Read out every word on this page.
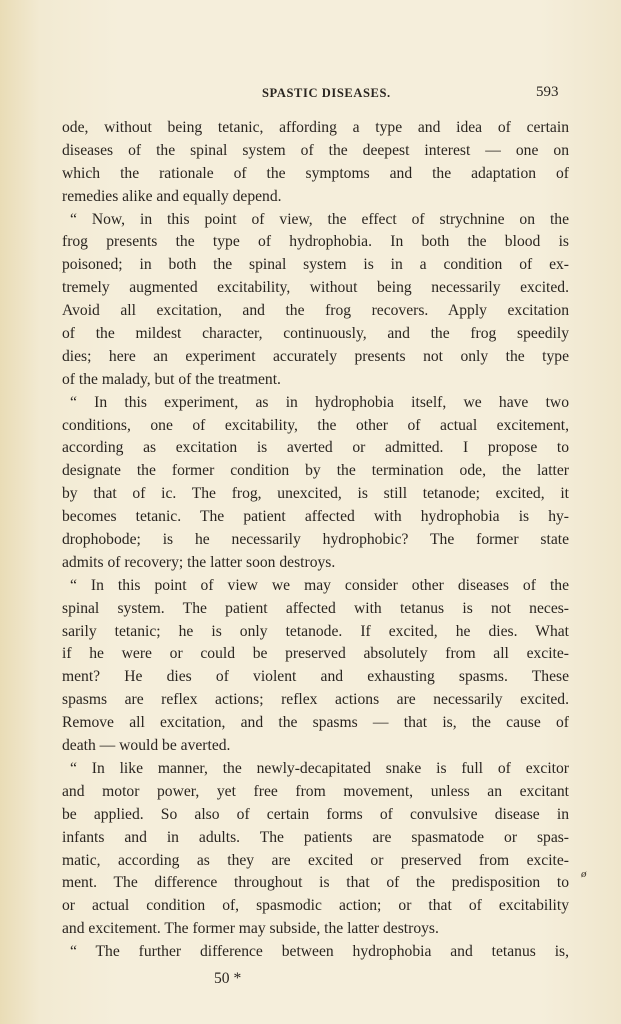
SPASTIC DISEASES.	593
ode, without being tetanic, affording a type and idea of certain
diseases of the spinal system of the deepest interest — one on
which the rationale of the symptoms and the adaptation of
remedies alike and equally depend.
“ Now, in this point of view, the effect of strychnine on the
frog presents the type of hydrophobia. In both the blood is
poisoned; in both the spinal system is in a condition of ex-
tremely augmented excitability, without being necessarily excited.
Avoid all excitation, and the frog recovers. Apply excitation
of the mildest character, continuously, and the frog speedily
dies; here an experiment accurately presents not only the type
of the malady, but of the treatment.
“ In this experiment, as in hydrophobia itself, we have two
conditions, one of excitability, the other of actual excitement,
according as excitation is averted or admitted. I propose to
designate the former condition by the termination ode, the latter
by that of ic. The frog, unexcited, is still tetanode; excited, it
becomes tetanic. The patient affected with hydrophobia is hy-
drophobode; is he necessarily hydrophobic? The former state
admits of recovery; the latter soon destroys.
“ In this point of view we may consider other diseases of the
spinal system. The patient affected with tetanus is not neces-
sarily tetanic; he is only tetanode. If excited, he dies. What
if he were or could be preserved absolutely from all excite-
ment? He dies of violent and exhausting spasms. These
spasms are reflex actions; reflex actions are necessarily excited.
Remove all excitation, and the spasms — that is, the cause of
death — would be averted.
“ In like manner, the newly-decapitated snake is full of excitor
and motor power, yet free from movement, unless an excitant
be applied. So also of certain forms of convulsive disease in
infants and in adults. The patients are spasmatode or spas-
matic, according as they are excited or preserved from excite-
ment. The difference throughout is that of the predisposition to
or actual condition of, spasmodic action; or that of excitability
and excitement. The former may subside, the latter destroys.
“ The further difference between hydrophobia and tetanus is,
50 *
ø
